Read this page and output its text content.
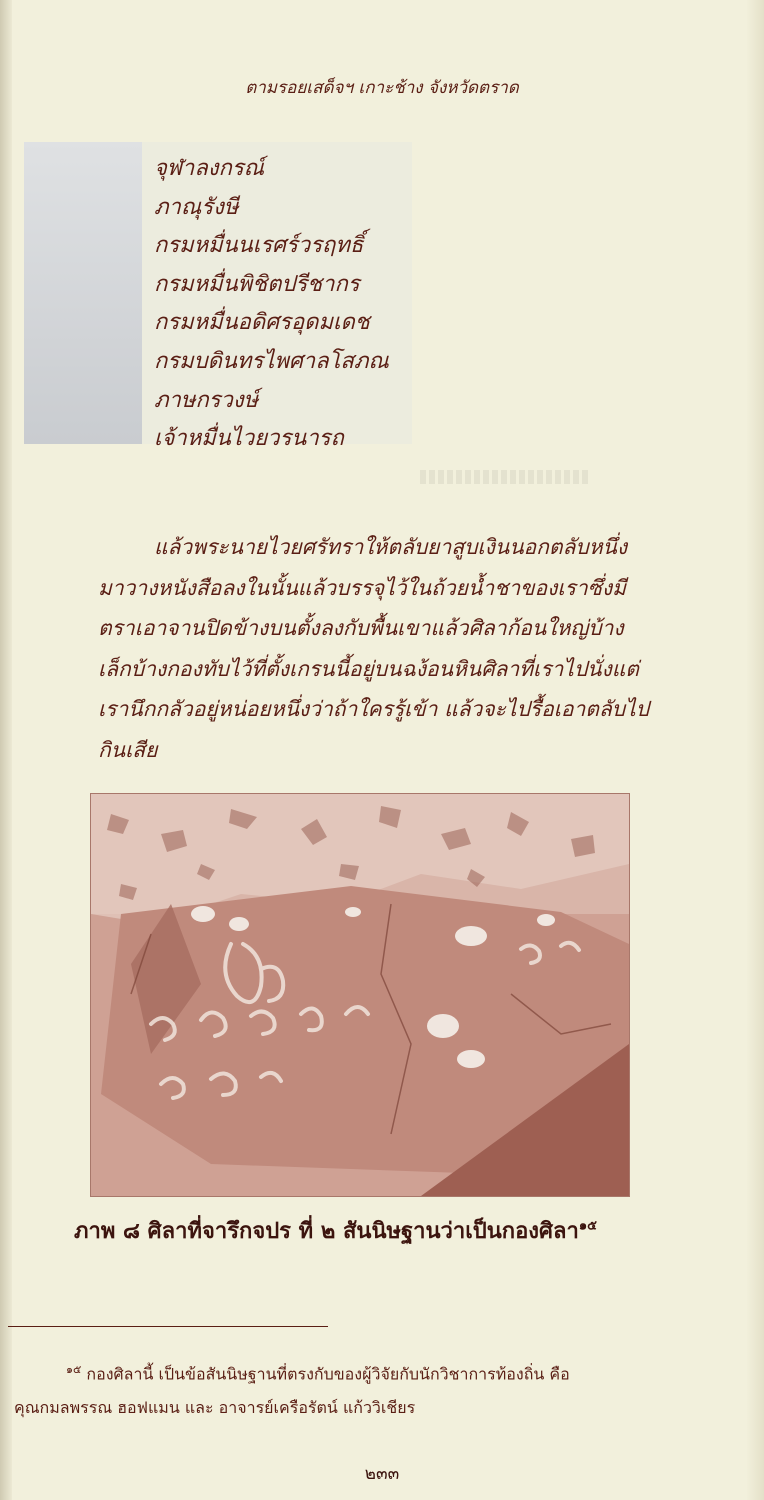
ตามรอยเสด็จฯ เกาะช้าง จังหวัดตราด
จุฬาลงกรณ์
ภาณุรังษี
กรมหมื่นนเรศร์วรฤทธิ์
กรมหมื่นพิชิตปรีชากร
กรมหมื่นอดิศรอุดมเดช
กรมบดินทรไพศาลโสภณ
ภาษกรวงษ์
เจ้าหมื่นไวยวรนารถ
แล้วพระนายไวยศรัทราให้ตลับยาสูบเงินนอกตลับหนึ่ง
มาวางหนังสือลงในนั้นแล้วบรรจุไว้ในถ้วยน้ำชาของเราซึ่งมี
ตราเอาจานปิดข้างบนตั้งลงกับพื้นเขาแล้วศิลาก้อนใหญ่บ้าง
เล็กบ้างกองทับไว้ที่ตั้งเกรนนี้อยู่บนฉง้อนหินศิลาที่เราไปนั่งแต่
เรานึกกลัวอยู่หน่อยหนึ่งว่าถ้าใครรู้เข้า แล้วจะไปรื้อเอาตลับไป
กินเสีย
ภาพ ๘ ศิลาที่จารึกจปร ที่ ๒ สันนิษฐานว่าเป็นกองศิลา$^{๑๕}$
$^{๑๕}$ กองศิลานี้ เป็นข้อสันนิษฐานที่ตรงกับของผู้วิจัยกับนักวิชาการท้องถิ่น คือ
คุณกมลพรรณ ฮอฟแมน และ อาจารย์เครือรัตน์ แก้ววิเชียร
๒๓๓
